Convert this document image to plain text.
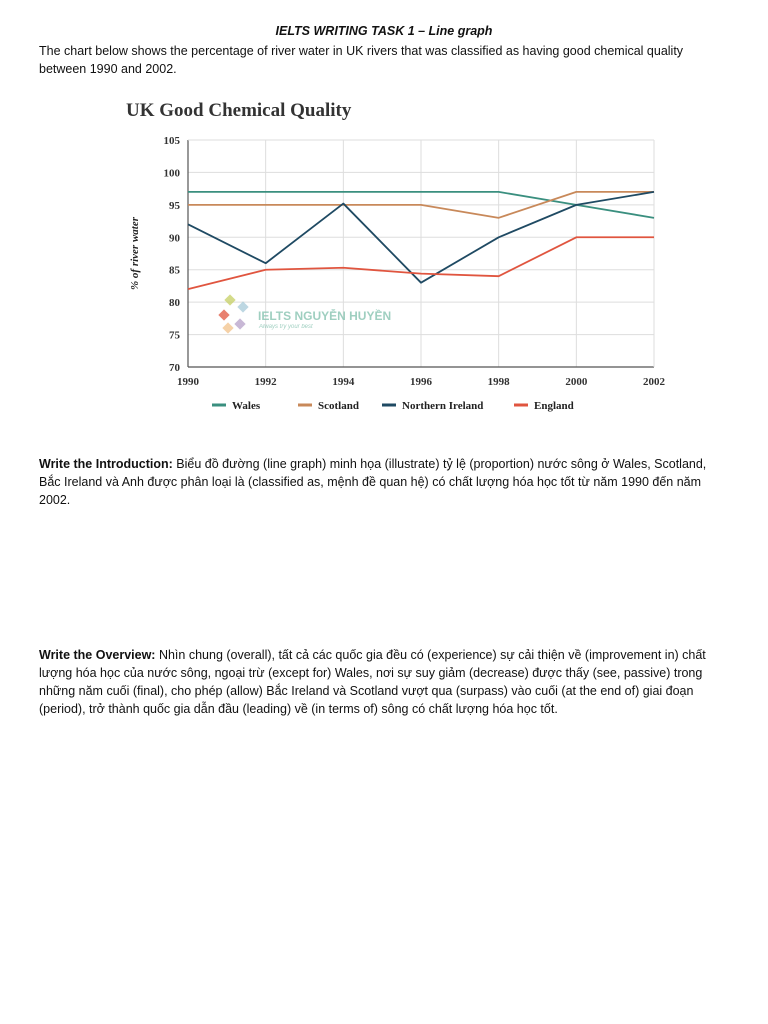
IELTS WRITING TASK 1 – Line graph
The chart below shows the percentage of river water in UK rivers that was classified as having good chemical quality between 1990 and 2002.
UK Good Chemical Quality
% of river water
70
75
80
85
90
95
100
105
1990	1992	1994	1996	1998	2000	2002
IELTS NGUYỄN HUYỀN
Always try your best
Wales	Scotland	Northern Ireland	England
Write the Introduction: Biểu đồ đường (line graph) minh họa (illustrate) tỷ lệ (proportion) nước sông ở Wales, Scotland, Bắc Ireland và Anh được phân loại là (classified as, mệnh đề quan hệ) có chất lượng hóa học tốt từ năm 1990 đến năm 2002.
Write the Overview: Nhìn chung (overall), tất cả các quốc gia đều có (experience) sự cải thiện về (improvement in) chất lượng hóa học của nước sông, ngoại trừ (except for) Wales, nơi sự suy giảm (decrease) được thấy (see, passive) trong những năm cuối (final), cho phép (allow) Bắc Ireland và Scotland vượt qua (surpass) vào cuối (at the end of) giai đoạn (period), trở thành quốc gia dẫn đầu (leading) về (in terms of) sông có chất lượng hóa học tốt.
